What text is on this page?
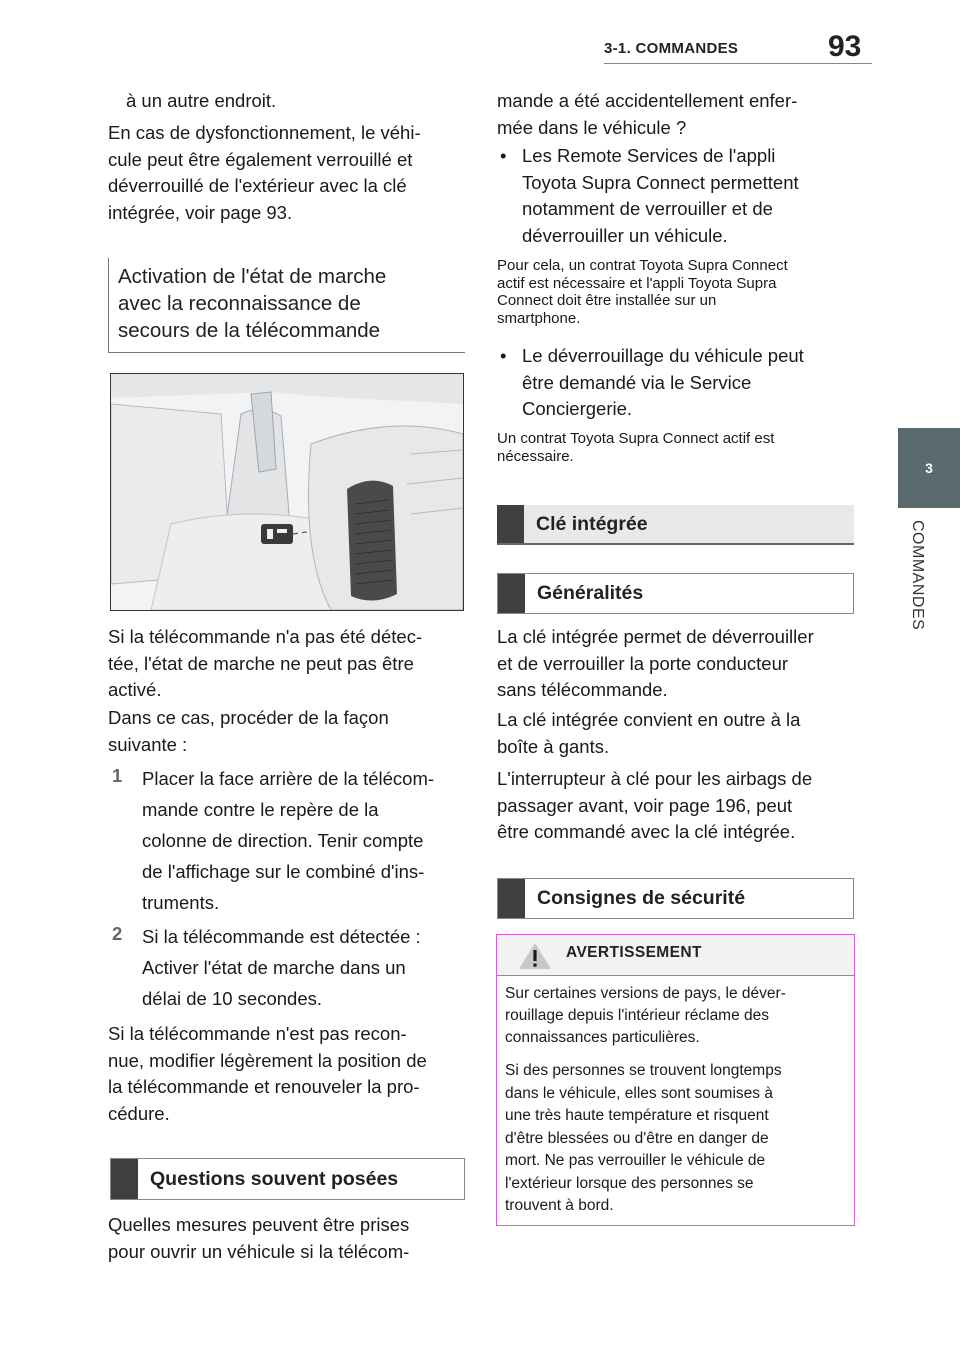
3-1. COMMANDES	93
3
COMMANDES
à un autre endroit.
En cas de dysfonctionnement, le véhi-
cule peut être également verrouillé et
déverrouillé de l'extérieur avec la clé
intégrée, voir page 93.
Activation de l'état de marche
avec la reconnaissance de
secours de la télécommande
Si la télécommande n'a pas été détec-
tée, l'état de marche ne peut pas être
activé.
Dans ce cas, procéder de la façon
suivante :
1 Placer la face arrière de la télécom-
mande contre le repère de la
colonne de direction. Tenir compte
de l'affichage sur le combiné d'ins-
truments.
2 Si la télécommande est détectée :
Activer l'état de marche dans un
délai de 10 secondes.
Si la télécommande n'est pas recon-
nue, modifier légèrement la position de
la télécommande et renouveler la pro-
cédure.
Questions souvent posées
Quelles mesures peuvent être prises
pour ouvrir un véhicule si la télécom-
mande a été accidentellement enfer-
mée dans le véhicule ?
• Les Remote Services de l'appli
Toyota Supra Connect permettent
notamment de verrouiller et de
déverrouiller un véhicule.
Pour cela, un contrat Toyota Supra Connect
actif est nécessaire et l'appli Toyota Supra
Connect doit être installée sur un
smartphone.
• Le déverrouillage du véhicule peut
être demandé via le Service
Conciergerie.
Un contrat Toyota Supra Connect actif est
nécessaire.
Clé intégrée
Généralités
La clé intégrée permet de déverrouiller
et de verrouiller la porte conducteur
sans télécommande.
La clé intégrée convient en outre à la
boîte à gants.
L'interrupteur à clé pour les airbags de
passager avant, voir page 196, peut
être commandé avec la clé intégrée.
Consignes de sécurité
AVERTISSEMENT
Sur certaines versions de pays, le déver-
rouillage depuis l'intérieur réclame des
connaissances particulières.
Si des personnes se trouvent longtemps
dans le véhicule, elles sont soumises à
une très haute température et risquent
d'être blessées ou d'être en danger de
mort. Ne pas verrouiller le véhicule de
l'extérieur lorsque des personnes se
trouvent à bord.
